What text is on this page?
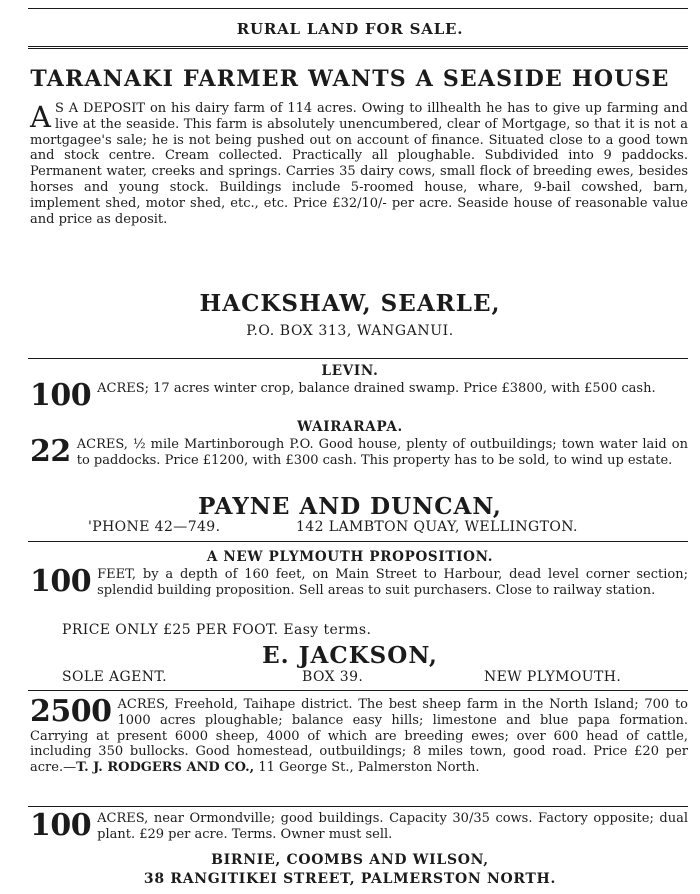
RURAL LAND FOR SALE.
TARANAKI FARMER WANTS A SEASIDE HOUSE

A S A DEPOSIT on his dairy farm of 114 acres. Owing to illhealth he has to give up farming and live at the seaside. This farm is absolutely unencumbered, clear of Mortgage, so that it is not a mortgagee's sale; he is not being pushed out on account of finance. Situated close to a good town and stock centre. Cream collected. Practically all ploughable. Subdivided into 9 paddocks. Permanent water, creeks and springs. Carries 35 dairy cows, small flock of breeding ewes, besides horses and young stock. Buildings include 5-roomed house, whare, 9-bail cowshed, barn, implement shed, motor shed, etc., etc. Price £32/10/- per acre. Seaside house of reasonable value and price as deposit.

HACKSHAW, SEARLE,
P.O. BOX 313, WANGANUI.
LEVIN.

100 ACRES; 17 acres winter crop, balance drained swamp. Price £3800, with £500 cash.

WAIRARAPA.

22 ACRES, ½ mile Martinborough P.O. Good house, plenty of outbuildings; town water laid on to paddocks. Price £1200, with £300 cash. This property has to be sold, to wind up estate.

PAYNE AND DUNCAN,
'PHONE 42—749.	142 LAMBTON QUAY, WELLINGTON.
A NEW PLYMOUTH PROPOSITION.

100 FEET, by a depth of 160 feet, on Main Street to Harbour, dead level corner section; splendid building proposition. Sell areas to suit purchasers. Close to railway station.

PRICE ONLY £25 PER FOOT. Easy terms.
E. JACKSON,
SOLE AGENT.	BOX 39.	NEW PLYMOUTH.

2500 ACRES, Freehold, Taihape district. The best sheep farm in the North Island; 700 to 1000 acres ploughable; balance easy hills; limestone and blue papa formation. Carrying at present 6000 sheep, 4000 of which are breeding ewes; over 600 head of cattle, including 350 bullocks. Good homestead, outbuildings; 8 miles town, good road. Price £20 per acre.—T. J. RODGERS AND CO., 11 George St., Palmerston North.

100 ACRES, near Ormondville; good buildings. Capacity 30/35 cows. Factory opposite; dual plant. £29 per acre. Terms. Owner must sell.

BIRNIE, COOMBS AND WILSON,
38 RANGITIKEI STREET, PALMERSTON NORTH.
